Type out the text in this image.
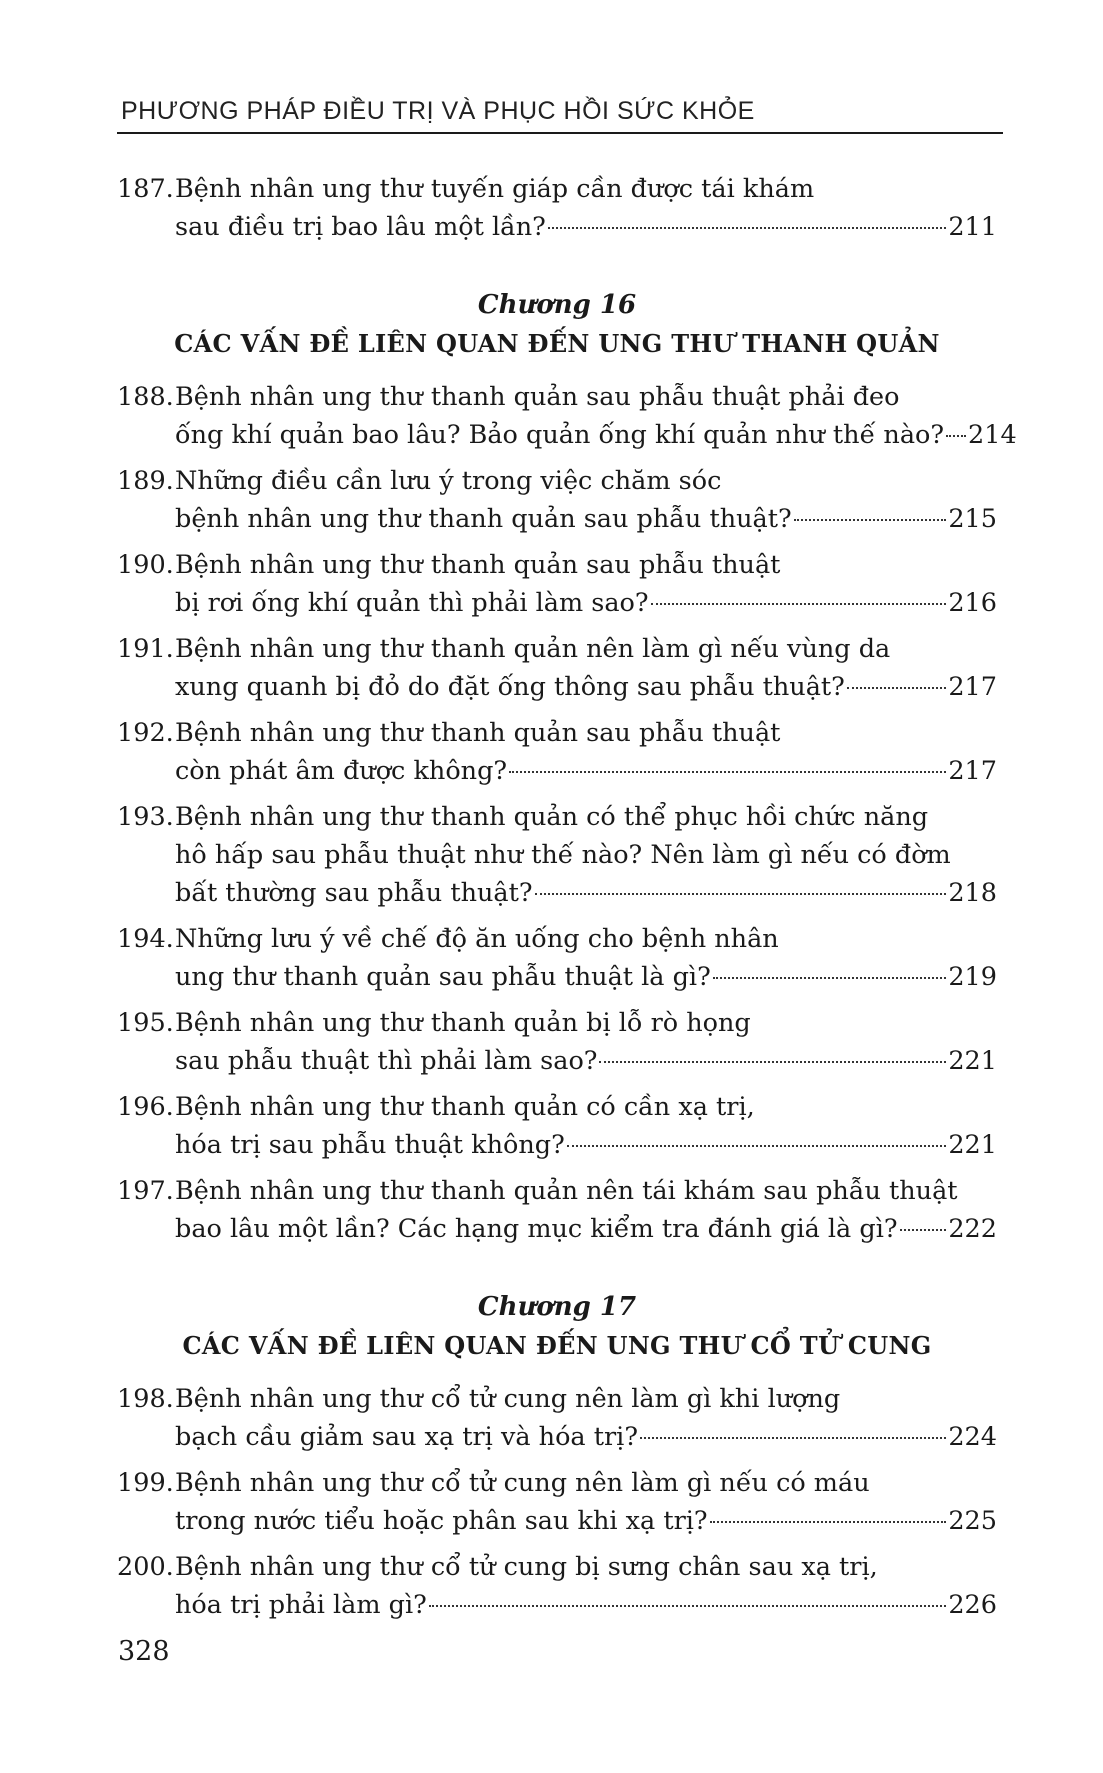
PHƯƠNG PHÁP ĐIỀU TRỊ VÀ PHỤC HỒI SỨC KHỎE
187.Bệnh nhân ung thư tuyến giáp cần được tái khám
sau điều trị bao lâu một lần?	211
Chương 16
CÁC VẤN ĐỀ LIÊN QUAN ĐẾN UNG THƯ THANH QUẢN
188.Bệnh nhân ung thư thanh quản sau phẫu thuật phải đeo
ống khí quản bao lâu? Bảo quản ống khí quản như thế nào? 214
189.Những điều cần lưu ý trong việc chăm sóc
bệnh nhân ung thư thanh quản sau phẫu thuật?	215
190.Bệnh nhân ung thư thanh quản sau phẫu thuật
bị rơi ống khí quản thì phải làm sao?	216
191.Bệnh nhân ung thư thanh quản nên làm gì nếu vùng da
xung quanh bị đỏ do đặt ống thông sau phẫu thuật?	217
192.Bệnh nhân ung thư thanh quản sau phẫu thuật
còn phát âm được không?	217
193.Bệnh nhân ung thư thanh quản có thể phục hồi chức năng
hô hấp sau phẫu thuật như thế nào? Nên làm gì nếu có đờm
bất thường sau phẫu thuật?	218
194.Những lưu ý về chế độ ăn uống cho bệnh nhân
ung thư thanh quản sau phẫu thuật là gì?	219
195.Bệnh nhân ung thư thanh quản bị lỗ rò họng
sau phẫu thuật thì phải làm sao?	221
196.Bệnh nhân ung thư thanh quản có cần xạ trị,
hóa trị sau phẫu thuật không?	221
197.Bệnh nhân ung thư thanh quản nên tái khám sau phẫu thuật
bao lâu một lần? Các hạng mục kiểm tra đánh giá là gì? 222
Chương 17
CÁC VẤN ĐỀ LIÊN QUAN ĐẾN UNG THƯ CỔ TỬ CUNG
198.Bệnh nhân ung thư cổ tử cung nên làm gì khi lượng
bạch cầu giảm sau xạ trị và hóa trị?	224
199.Bệnh nhân ung thư cổ tử cung nên làm gì nếu có máu
trong nước tiểu hoặc phân sau khi xạ trị?	225
200.Bệnh nhân ung thư cổ tử cung bị sưng chân sau xạ trị,
hóa trị phải làm gì?	226
328
